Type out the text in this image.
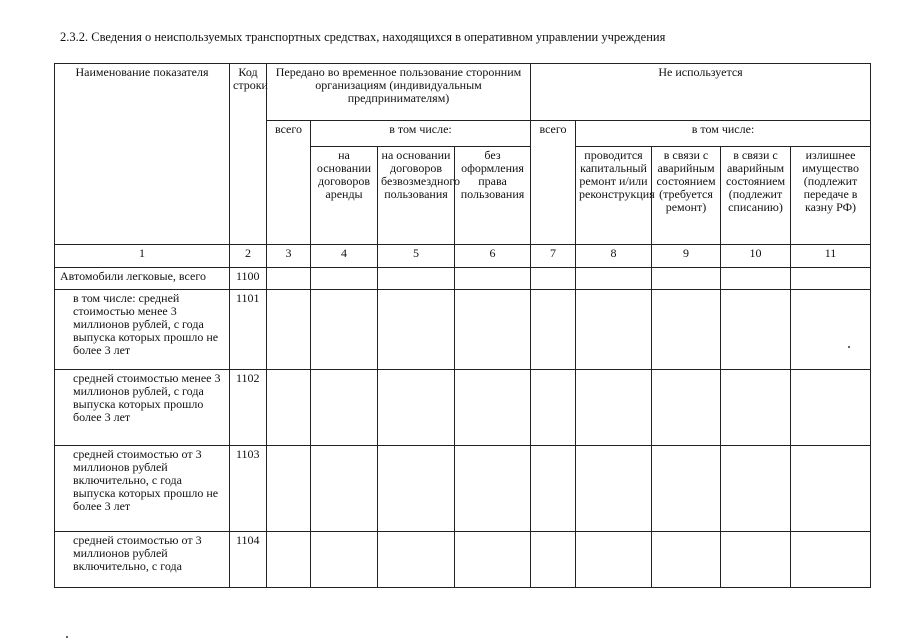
2.3.2. Сведения о неиспользуемых транспортных средствах, находящихся в оперативном управлении учреждения
Наименование показателя	Код строки	Передано во временное пользование сторонним организациям (индивидуальным предпринимателям)				Не используется				
		всего	в том числе:			всего	в том числе:			
			на основании договоров аренды	на основании договоров безвозмездного пользования	без оформления права пользования		проводится капитальный ремонт и/или реконструкция	в связи с аварийным состоянием (требуется ремонт)	в связи с аварийным состоянием (подлежит списанию)	излишнее имущество (подлежит передаче в казну РФ)
1	2	3	4	5	6	7	8	9	10	11
Автомобили легковые, всего	1100									
в том числе: средней стоимостью менее 3 миллионов рублей, с года выпуска которых прошло не более 3 лет	1101									
средней стоимостью менее 3 миллионов рублей, с года выпуска которых прошло более 3 лет	1102									
средней стоимостью от 3 миллионов рублей включительно, с года выпуска которых прошло не более 3 лет	1103									
средней стоимостью от 3 миллионов рублей включительно, с года	1104									
